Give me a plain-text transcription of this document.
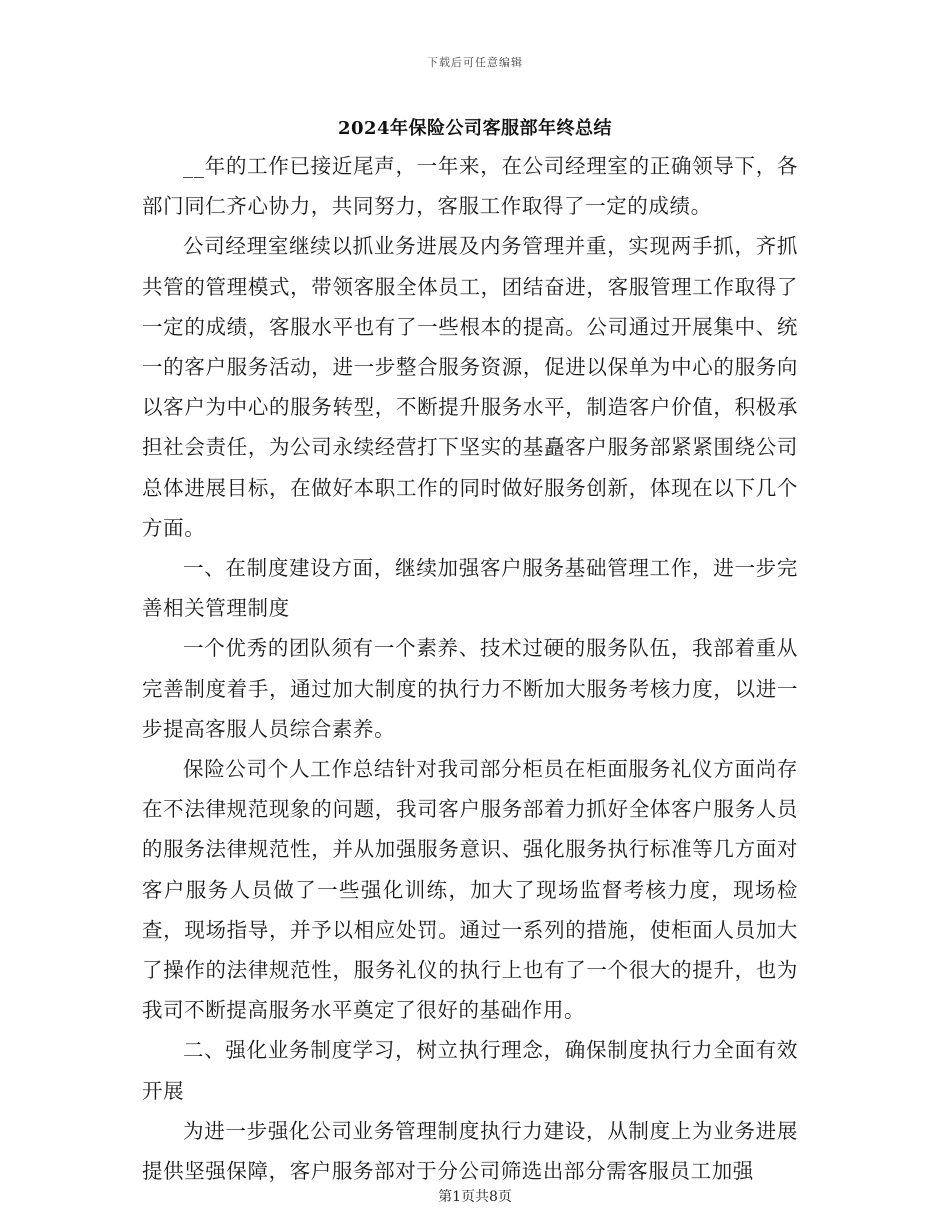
下载后可任意编辑
2024年保险公司客服部年终总结

__年的工作已接近尾声，一年来，在公司经理室的正确领导下，各部门同仁齐心协力，共同努力，客服工作取得了一定的成绩。

公司经理室继续以抓业务进展及内务管理并重，实现两手抓，齐抓共管的管理模式，带领客服全体员工，团结奋进，客服管理工作取得了一定的成绩，客服水平也有了一些根本的提高。公司通过开展集中、统一的客户服务活动，进一步整合服务资源，促进以保单为中心的服务向以客户为中心的服务转型，不断提升服务水平，制造客户价值，积极承担社会责任，为公司永续经营打下坚实的基矗客户服务部紧紧围绕公司总体进展目标，在做好本职工作的同时做好服务创新，体现在以下几个方面。

一、在制度建设方面，继续加强客户服务基础管理工作，进一步完善相关管理制度

一个优秀的团队须有一个素养、技术过硬的服务队伍，我部着重从完善制度着手，通过加大制度的执行力不断加大服务考核力度，以进一步提高客服人员综合素养。

保险公司个人工作总结针对我司部分柜员在柜面服务礼仪方面尚存在不法律规范现象的问题，我司客户服务部着力抓好全体客户服务人员的服务法律规范性，并从加强服务意识、强化服务执行标准等几方面对客户服务人员做了一些强化训练，加大了现场监督考核力度，现场检查，现场指导，并予以相应处罚。通过一系列的措施，使柜面人员加大了操作的法律规范性，服务礼仪的执行上也有了一个很大的提升，也为我司不断提高服务水平奠定了很好的基础作用。

二、强化业务制度学习，树立执行理念，确保制度执行力全面有效开展

为进一步强化公司业务管理制度执行力建设，从制度上为业务进展提供坚强保障，客户服务部对于分公司筛选出部分需客服员工加强

第1页共8页
